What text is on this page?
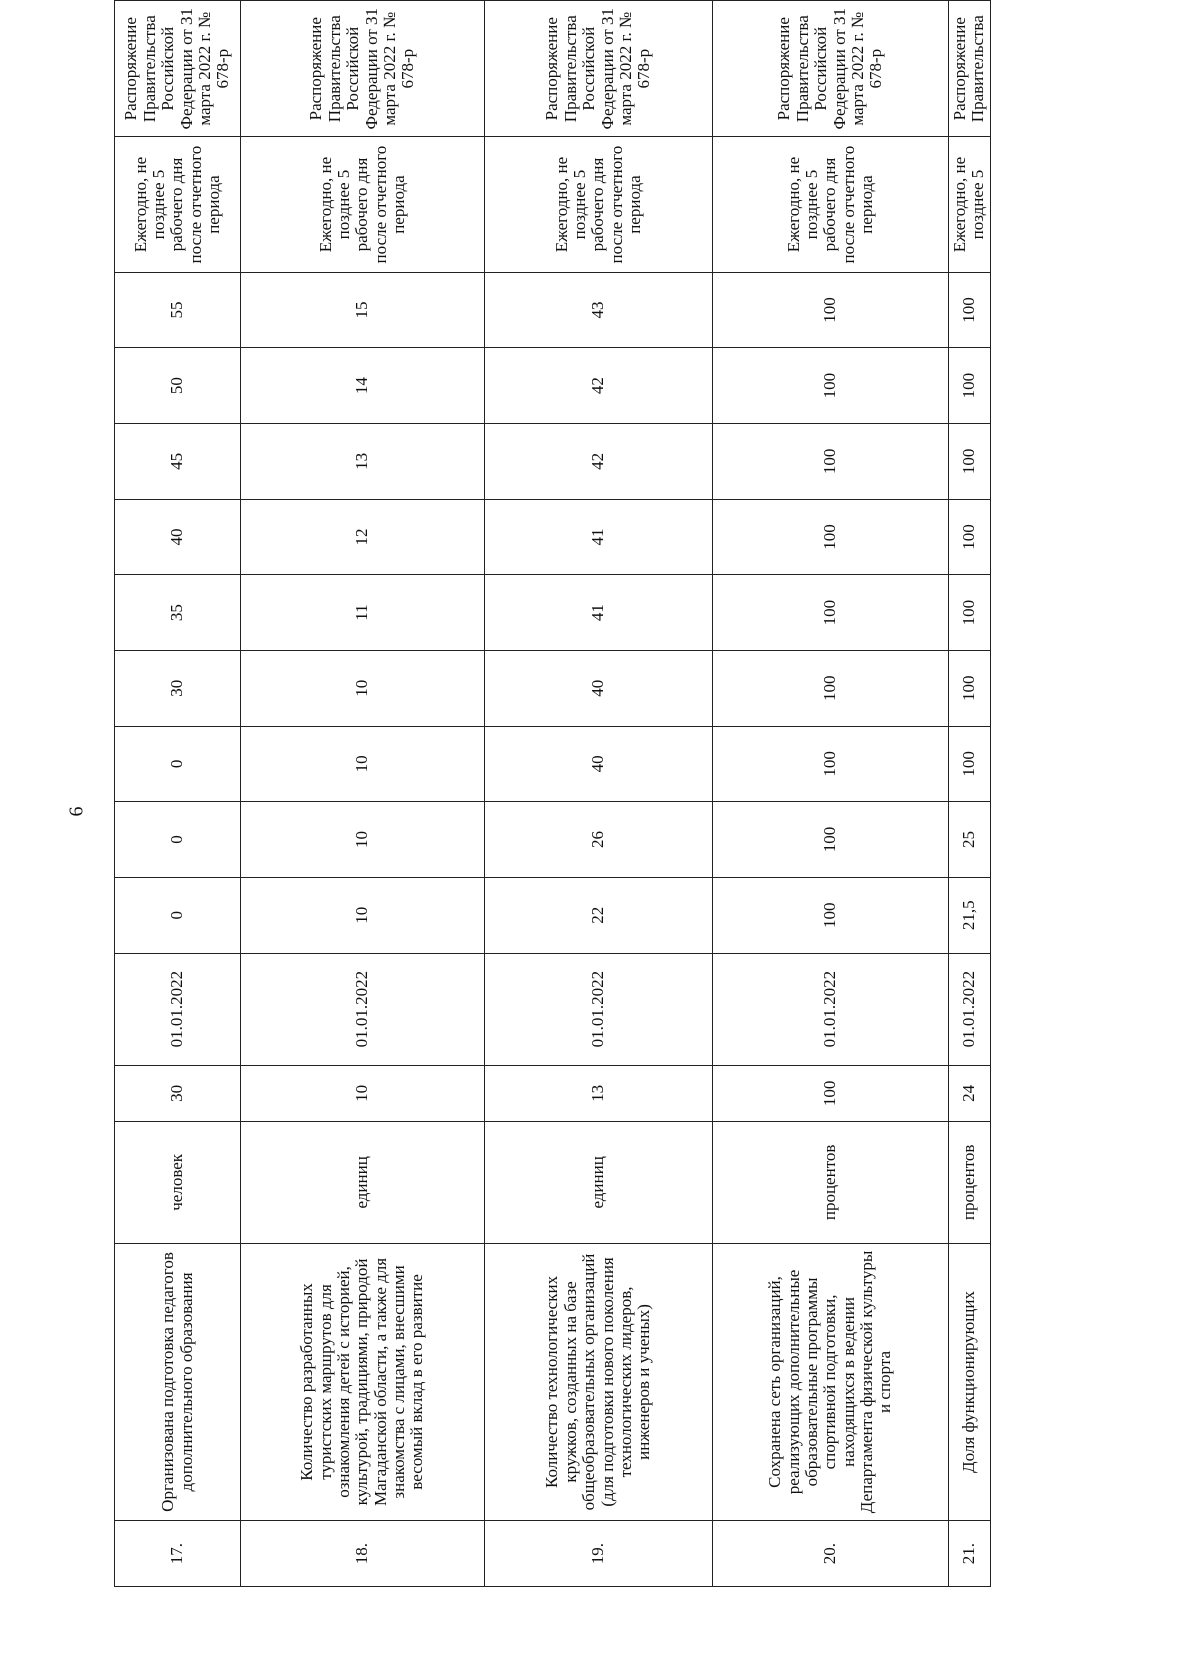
6
17.	Организована подготовка педагогов дополнительного образования	человек	30	01.01.2022	0	0	0	30	35	40	45	50	55	Ежегодно, не позднее 5 рабочего дня после отчетного периода	Распоряжение Правительства Российской Федерации от 31 марта 2022 г. № 678-р
18.	Количество разработанных туристских маршрутов для ознакомления детей с историей, культурой, традициями, природой Магаданской области, а также для знакомства с лицами, внесшими весомый вклад в его развитие	единиц	10	01.01.2022	10	10	10	10	11	12	13	14	15	Ежегодно, не позднее 5 рабочего дня после отчетного периода	Распоряжение Правительства Российской Федерации от 31 марта 2022 г. № 678-р
19.	Количество технологических кружков, созданных на базе общеобразовательных организаций (для подготовки нового поколения технологических лидеров, инженеров и ученых)	единиц	13	01.01.2022	22	26	40	40	41	41	42	42	43	Ежегодно, не позднее 5 рабочего дня после отчетного периода	Распоряжение Правительства Российской Федерации от 31 марта 2022 г. № 678-р
20.	Сохранена сеть организаций, реализующих дополнительные образовательные программы спортивной подготовки, находящихся в ведении Департамента физической культуры и спорта	процентов	100	01.01.2022	100	100	100	100	100	100	100	100	100	Ежегодно, не позднее 5 рабочего дня после отчетного периода	Распоряжение Правительства Российской Федерации от 31 марта 2022 г. № 678-р
21.	Доля функционирующих	процентов	24	01.01.2022	21,5	25	100	100	100	100	100	100	100	Ежегодно, не позднее 5	Распоряжение Правительства
